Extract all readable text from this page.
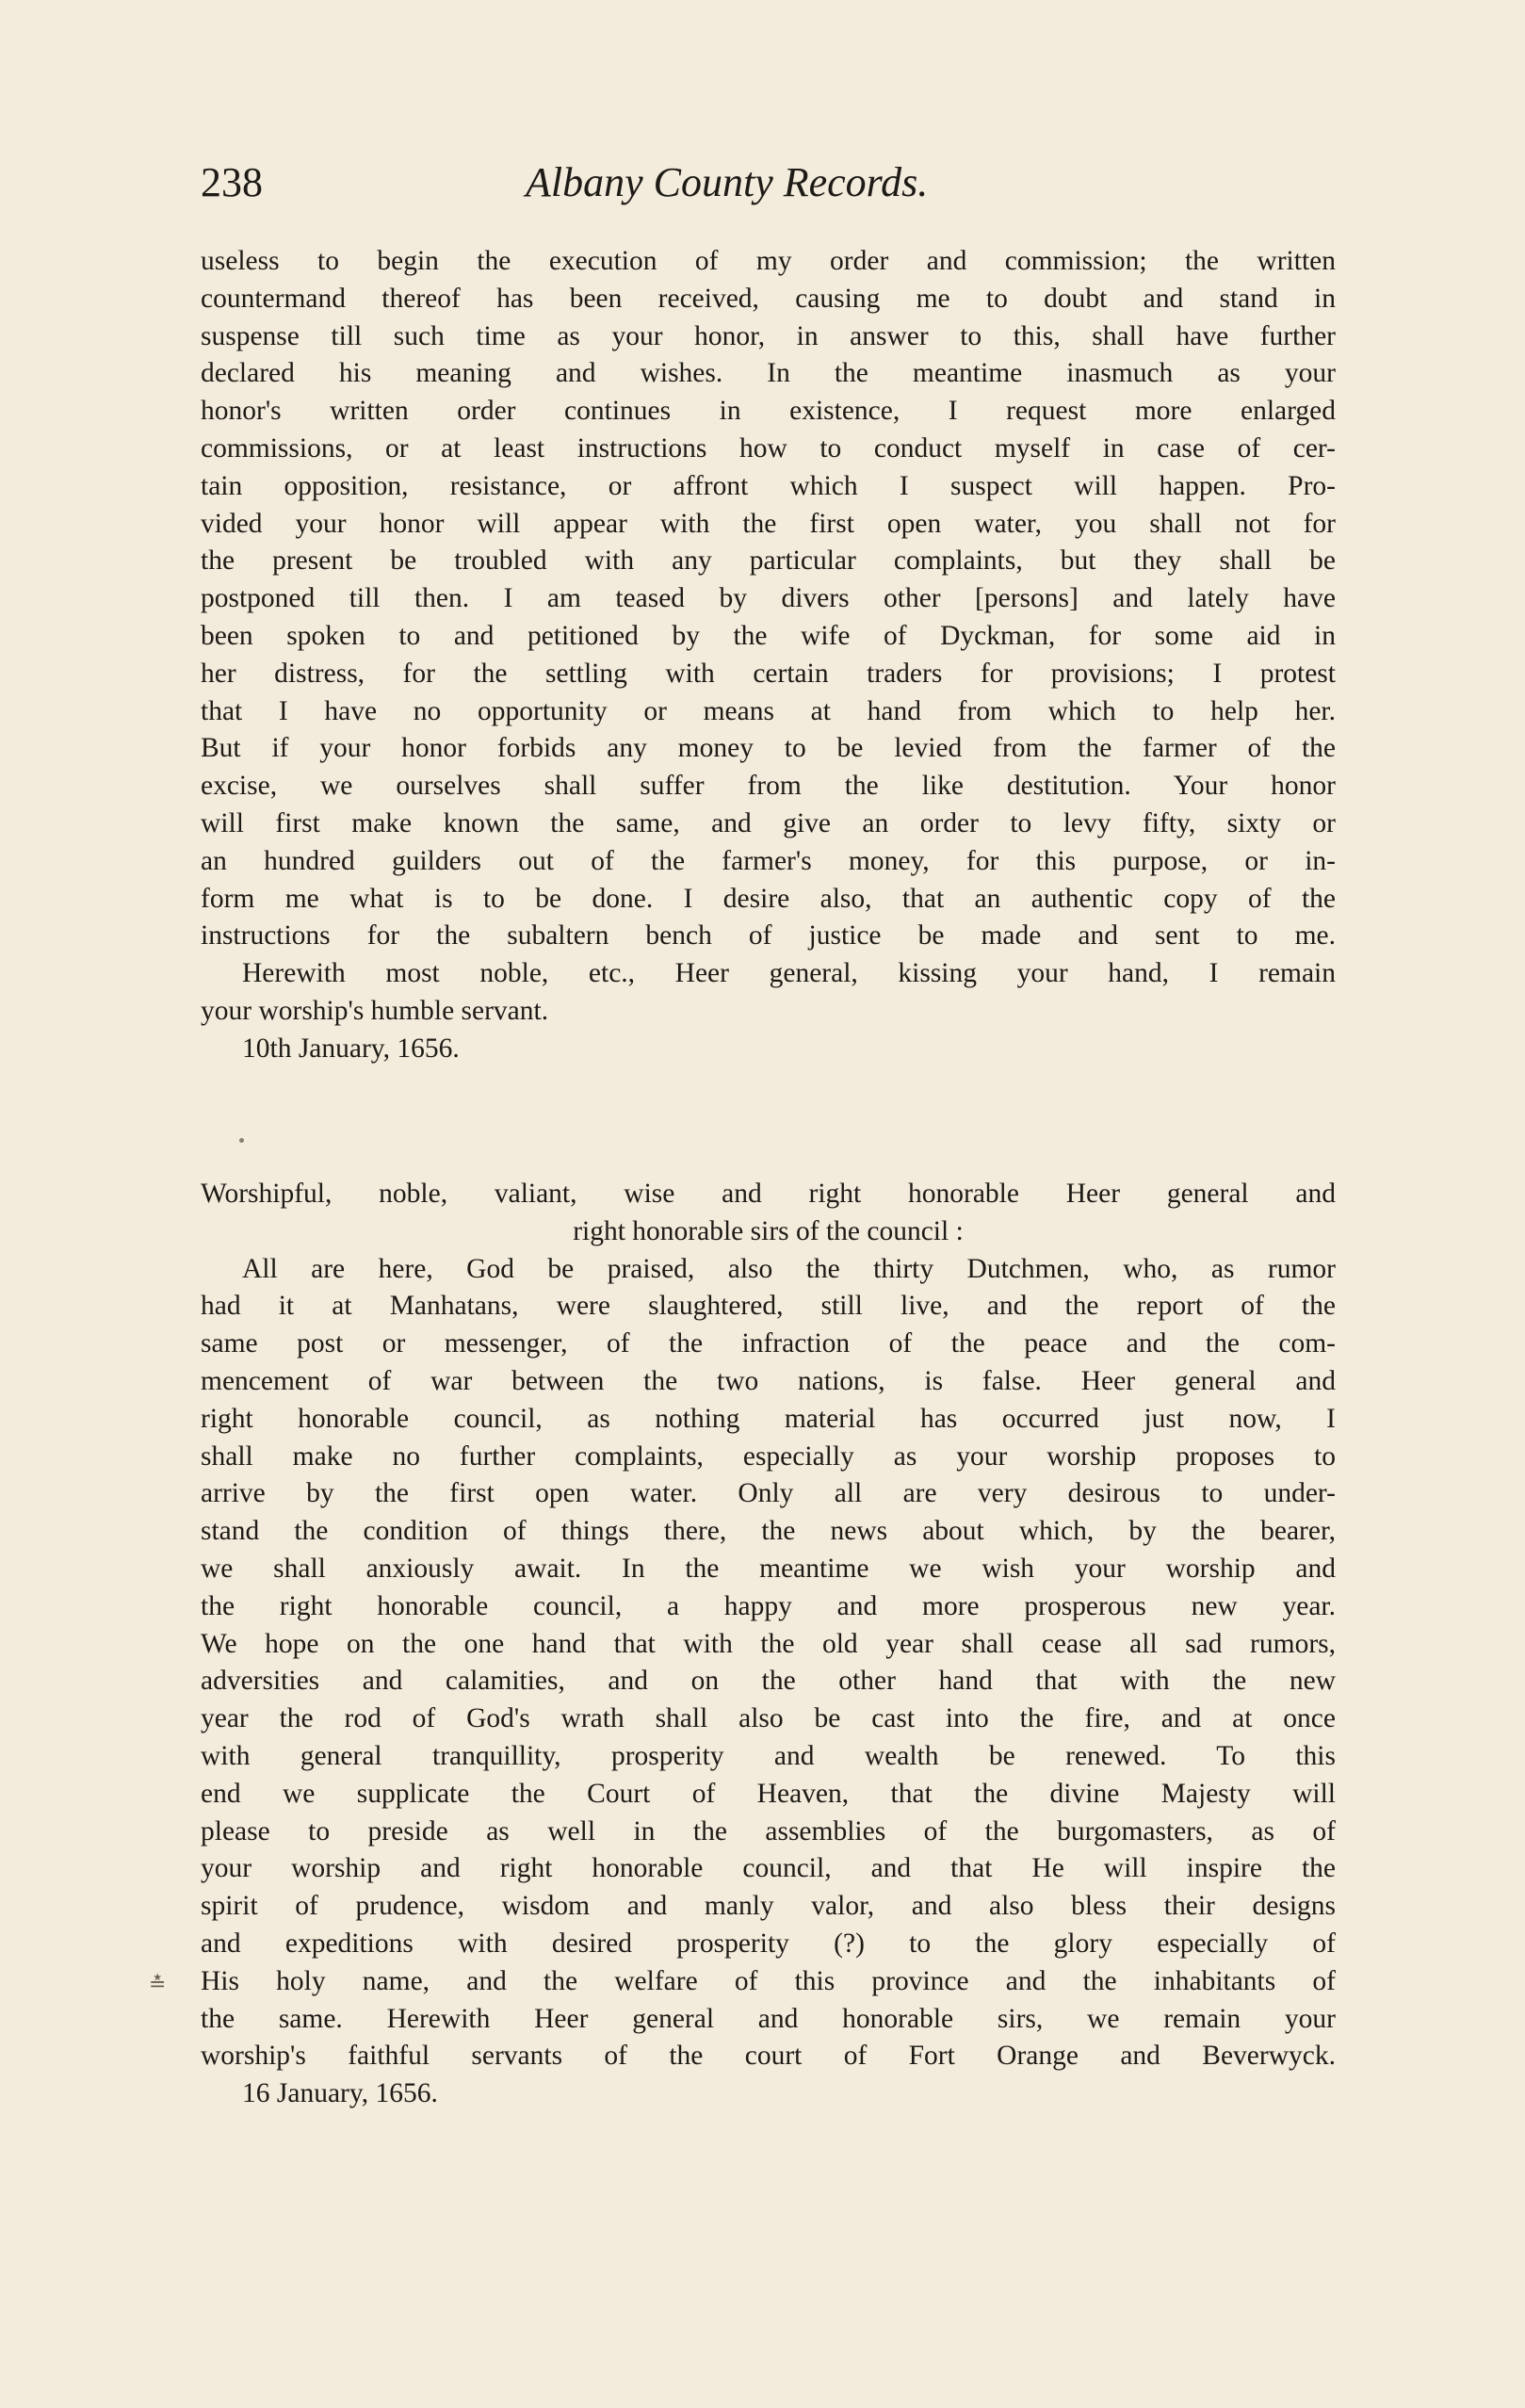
238	Albany County Records.
useless to begin the execution of my order and commission; the written
countermand thereof has been received, causing me to doubt and stand in
suspense till such time as your honor, in answer to this, shall have further
declared his meaning and wishes. In the meantime inasmuch as your
honor's written order continues in existence, I request more enlarged
commissions, or at least instructions how to conduct myself in case of cer-
tain opposition, resistance, or affront which I suspect will happen. Pro-
vided your honor will appear with the first open water, you shall not for
the present be troubled with any particular complaints, but they shall be
postponed till then. I am teased by divers other [persons] and lately have
been spoken to and petitioned by the wife of Dyckman, for some aid in
her distress, for the settling with certain traders for provisions; I protest
that I have no opportunity or means at hand from which to help her.
But if your honor forbids any money to be levied from the farmer of the
excise, we ourselves shall suffer from the like destitution. Your honor
will first make known the same, and give an order to levy fifty, sixty or
an hundred guilders out of the farmer's money, for this purpose, or in-
form me what is to be done. I desire also, that an authentic copy of the
instructions for the subaltern bench of justice be made and sent to me.
Herewith most noble, etc., Heer general, kissing your hand, I remain
your worship's humble servant.
10th January, 1656.
Worshipful, noble, valiant, wise and right honorable Heer general and
right honorable sirs of the council :
All are here, God be praised, also the thirty Dutchmen, who, as rumor
had it at Manhatans, were slaughtered, still live, and the report of the
same post or messenger, of the infraction of the peace and the com-
mencement of war between the two nations, is false. Heer general and
right honorable council, as nothing material has occurred just now, I
shall make no further complaints, especially as your worship proposes to
arrive by the first open water. Only all are very desirous to under-
stand the condition of things there, the news about which, by the bearer,
we shall anxiously await. In the meantime we wish your worship and
the right honorable council, a happy and more prosperous new year.
We hope on the one hand that with the old year shall cease all sad rumors,
adversities and calamities, and on the other hand that with the new
year the rod of God's wrath shall also be cast into the fire, and at once
with general tranquillity, prosperity and wealth be renewed. To this
end we supplicate the Court of Heaven, that the divine Majesty will
please to preside as well in the assemblies of the burgomasters, as of
your worship and right honorable council, and that He will inspire the
spirit of prudence, wisdom and manly valor, and also bless their designs
and expeditions with desired prosperity (?) to the glory especially of
His holy name, and the welfare of this province and the inhabitants of
the same. Herewith Heer general and honorable sirs, we remain your
worship's faithful servants of the court of Fort Orange and Beverwyck.
16 January, 1656.
≛
